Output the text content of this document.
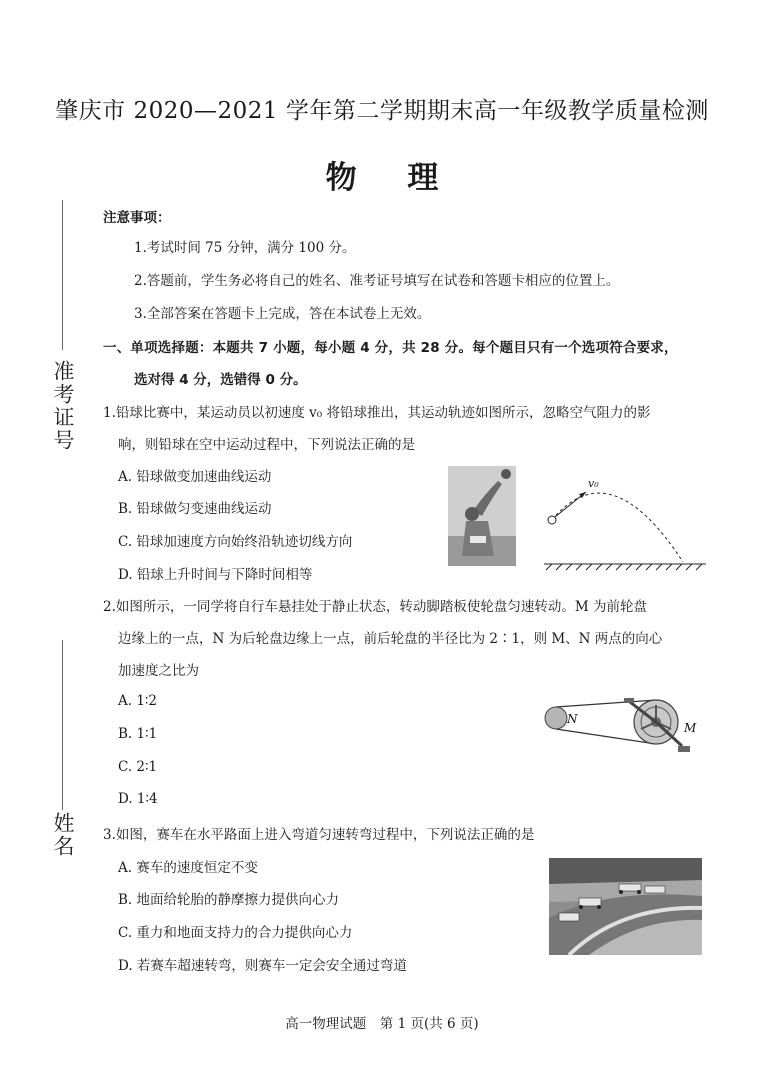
肇庆市 2020—2021 学年第二学期期末高一年级教学质量检测
物 理
准考证号
姓名
注意事项：
1.考试时间 75 分钟，满分 100 分。
2.答题前，学生务必将自己的姓名、准考证号填写在试卷和答题卡相应的位置上。
3.全部答案在答题卡上完成，答在本试卷上无效。
一、单项选择题：本题共 7 小题，每小题 4 分，共 28 分。每个题目只有一个选项符合要求，
选对得 4 分，选错得 0 分。
1.铅球比赛中，某运动员以初速度 v₀ 将铅球推出，其运动轨迹如图所示，忽略空气阻力的影
响，则铅球在空中运动过程中，下列说法正确的是
A. 铅球做变加速曲线运动
B. 铅球做匀变速曲线运动
C. 铅球加速度方向始终沿轨迹切线方向
D. 铅球上升时间与下降时间相等
v₀
2.如图所示，一同学将自行车悬挂处于静止状态，转动脚踏板使轮盘匀速转动。M 为前轮盘
边缘上的一点，N 为后轮盘边缘上一点，前后轮盘的半径比为 2∶1，则 M、N 两点的向心
加速度之比为
A. 1∶2
B. 1∶1
C. 2∶1
D. 1∶4
N
M
3.如图，赛车在水平路面上进入弯道匀速转弯过程中，下列说法正确的是
A. 赛车的速度恒定不变
B. 地面给轮胎的静摩擦力提供向心力
C. 重力和地面支持力的合力提供向心力
D. 若赛车超速转弯，则赛车一定会安全通过弯道
高一物理试题　第 1 页(共 6 页)
